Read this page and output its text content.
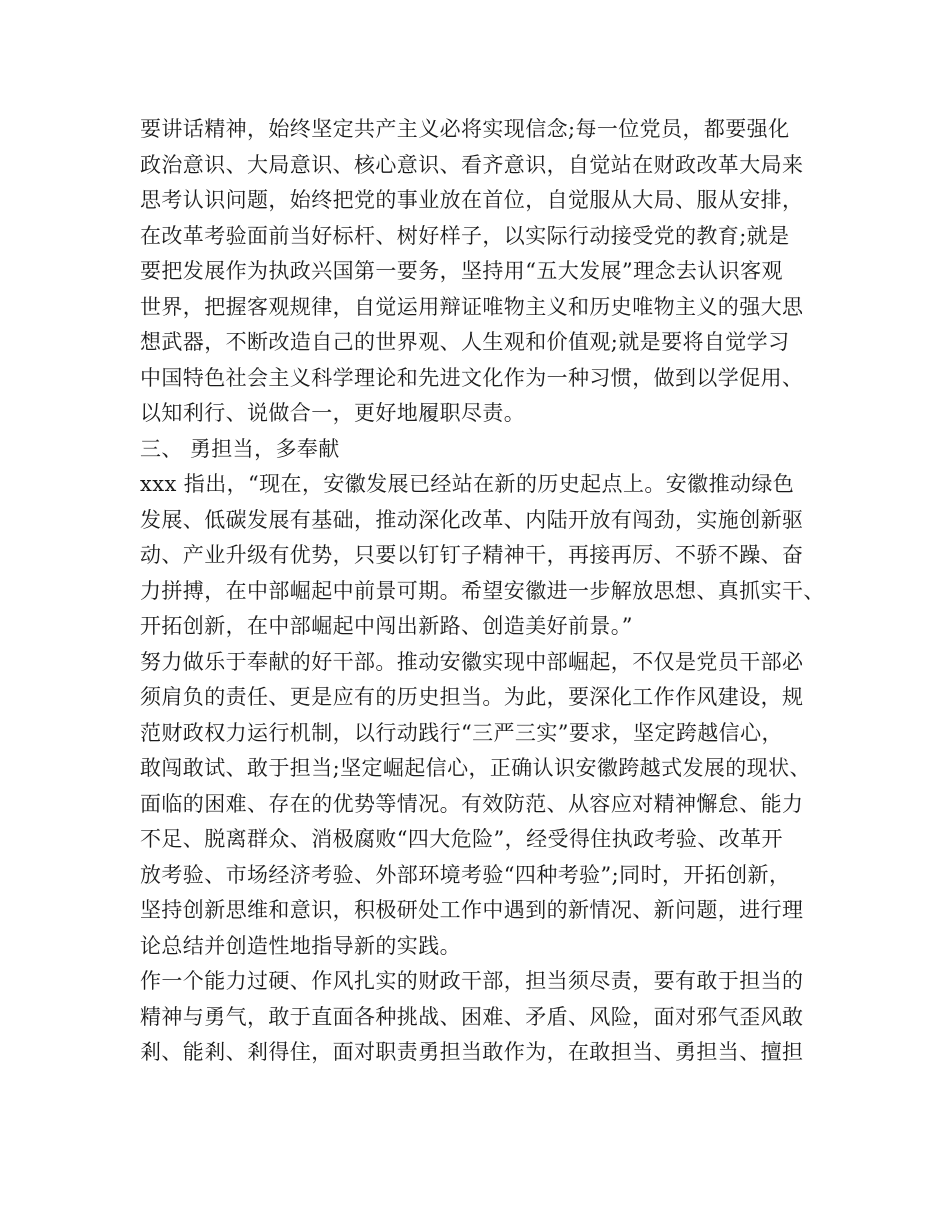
要讲话精神，始终坚定共产主义必将实现信念;每一位党员，都要强化
政治意识、大局意识、核心意识、看齐意识，自觉站在财政改革大局来
思考认识问题，始终把党的事业放在首位，自觉服从大局、服从安排，
在改革考验面前当好标杆、树好样子，以实际行动接受党的教育;就是
要把发展作为执政兴国第一要务，坚持用“五大发展”理念去认识客观
世界，把握客观规律，自觉运用辩证唯物主义和历史唯物主义的强大思
想武器，不断改造自己的世界观、人生观和价值观;就是要将自觉学习
中国特色社会主义科学理论和先进文化作为一种习惯，做到以学促用、
以知利行、说做合一，更好地履职尽责。
三、 勇担当，多奉献
xxx 指出，“现在，安徽发展已经站在新的历史起点上。安徽推动绿色
发展、低碳发展有基础，推动深化改革、内陆开放有闯劲，实施创新驱
动、产业升级有优势，只要以钉钉子精神干，再接再厉、不骄不躁、奋
力拼搏，在中部崛起中前景可期。希望安徽进一步解放思想、真抓实干、
开拓创新，在中部崛起中闯出新路、创造美好前景。”
努力做乐于奉献的好干部。推动安徽实现中部崛起，不仅是党员干部必
须肩负的责任、更是应有的历史担当。为此，要深化工作作风建设，规
范财政权力运行机制，以行动践行“三严三实”要求，坚定跨越信心，
敢闯敢试、敢于担当;坚定崛起信心，正确认识安徽跨越式发展的现状、
面临的困难、存在的优势等情况。有效防范、从容应对精神懈怠、能力
不足、脱离群众、消极腐败“四大危险”，经受得住执政考验、改革开
放考验、市场经济考验、外部环境考验“四种考验”;同时，开拓创新，
坚持创新思维和意识，积极研处工作中遇到的新情况、新问题，进行理
论总结并创造性地指导新的实践。
作一个能力过硬、作风扎实的财政干部，担当须尽责，要有敢于担当的
精神与勇气，敢于直面各种挑战、困难、矛盾、风险，面对邪气歪风敢
剎、能剎、剎得住，面对职责勇担当敢作为，在敢担当、勇担当、擅担
